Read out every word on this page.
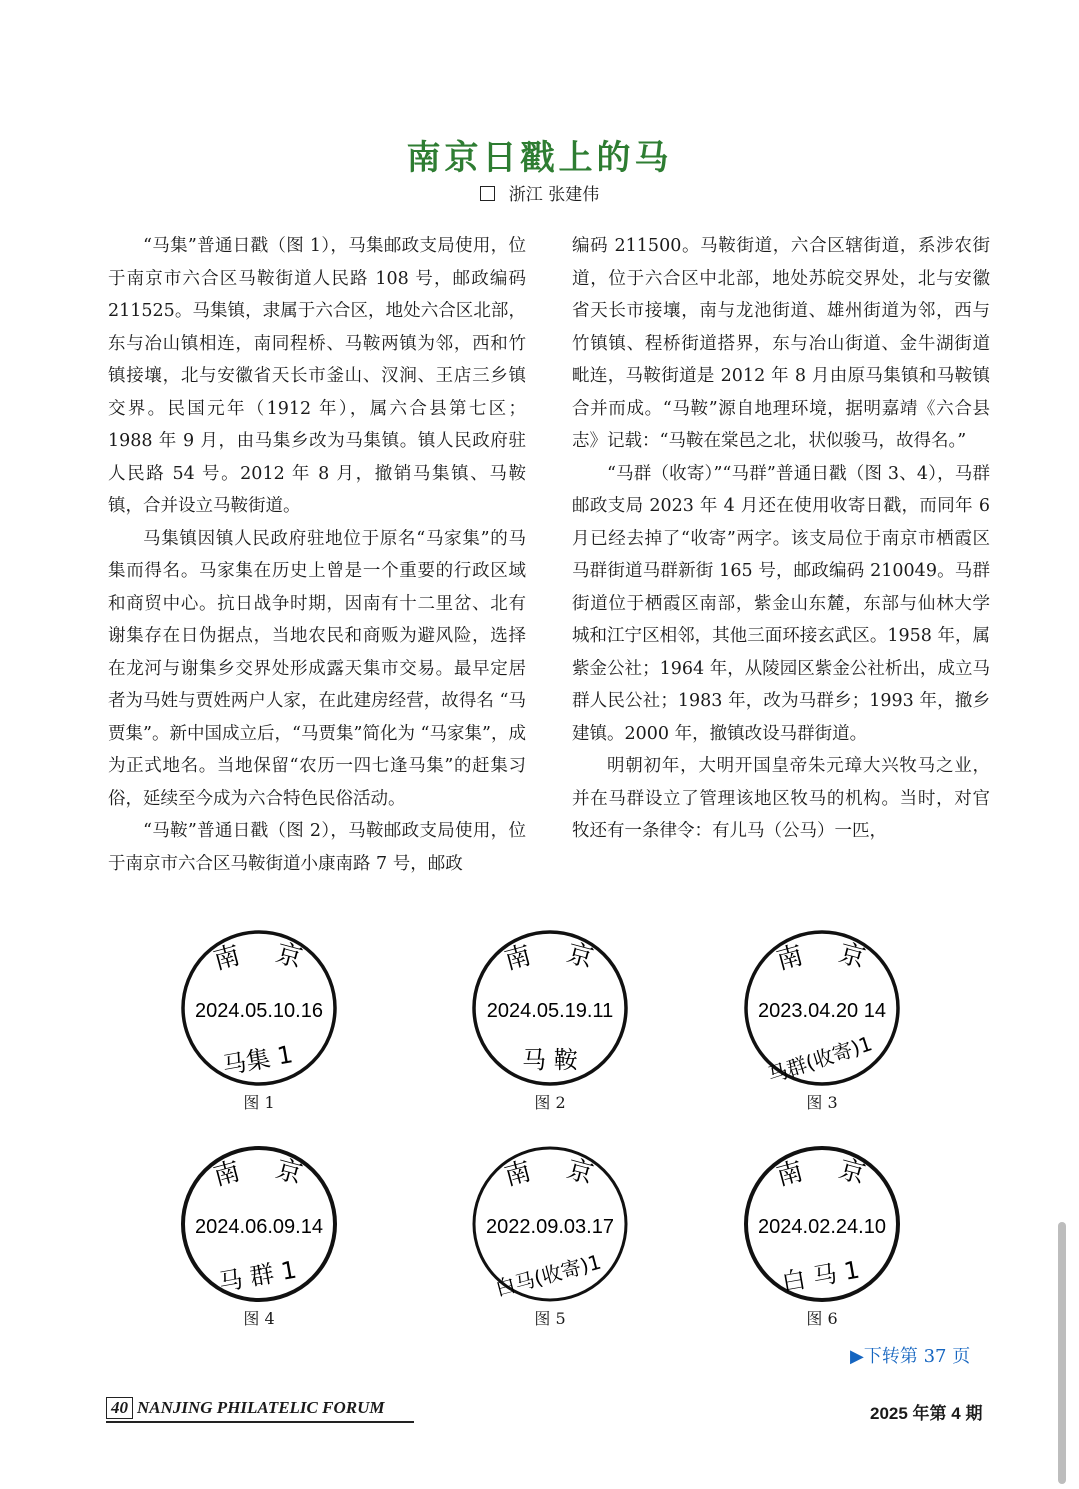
南京日戳上的马
浙江 张建伟

“马集”普通日戳（图 1），马集邮政支局使用，位于南京市六合区马鞍街道人民路 108 号，邮政编码 211525。马集镇，隶属于六合区，地处六合区北部，东与冶山镇相连，南同程桥、马鞍两镇为邻，西和竹镇接壤，北与安徽省天长市釜山、汊涧、王店三乡镇交界。民国元年（1912 年），属六合县第七区；1988 年 9 月，由马集乡改为马集镇。镇人民政府驻人民路 54 号。2012 年 8 月，撤销马集镇、马鞍镇，合并设立马鞍街道。

马集镇因镇人民政府驻地位于原名“马家集”的马集而得名。马家集在历史上曾是一个重要的行政区域和商贸中心。抗日战争时期，因南有十二里岔、北有谢集存在日伪据点，当地农民和商贩为避风险，选择在龙河与谢集乡交界处形成露天集市交易。最早定居者为马姓与贾姓两户人家，在此建房经营，故得名 “马贾集”。新中国成立后，“马贾集”简化为 “马家集”，成为正式地名。当地保留“农历一四七逢马集”的赶集习俗，延续至今成为六合特色民俗活动。

“马鞍”普通日戳（图 2），马鞍邮政支局使用，位于南京市六合区马鞍街道小康南路 7 号，邮政

编码 211500。马鞍街道，六合区辖街道，系涉农街道，位于六合区中北部，地处苏皖交界处，北与安徽省天长市接壤，南与龙池街道、雄州街道为邻，西与竹镇镇、程桥街道搭界，东与冶山街道、金牛湖街道毗连，马鞍街道是 2012 年 8 月由原马集镇和马鞍镇合并而成。“马鞍”源自地理环境，据明嘉靖《六合县志》记载：“马鞍在棠邑之北，状似骏马，故得名。”

“马群（收寄）”“马群”普通日戳（图 3、4），马群邮政支局 2023 年 4 月还在使用收寄日戳，而同年 6 月已经去掉了“收寄”两字。该支局位于南京市栖霞区马群街道马群新街 165 号，邮政编码 210049。马群街道位于栖霞区南部，紫金山东麓，东部与仙林大学城和江宁区相邻，其他三面环接玄武区。1958 年，属紫金公社；1964 年，从陵园区紫金公社析出，成立马群人民公社；1983 年，改为马群乡；1993 年，撤乡建镇。2000 年，撤镇改设马群街道。

明朝初年，大明开国皇帝朱元璋大兴牧马之业，并在马群设立了管理该地区牧马的机构。当时，对官牧还有一条律令：有儿马（公马）一匹，

南 京
2024.05.10.16
马集 1
图 1
南 京
2024.05.19.11
马 鞍
图 2
南 京
2023.04.20 14
马群(收寄)1
图 3
南 京
2024.06.09.14
马 群 1
图 4
南 京
2022.09.03.17
白马(收寄)1
图 5
南 京
2024.02.24.10
白 马 1
图 6
▶下转第 37 页
40 NANJING PHILATELIC FORUM	2025 年第 4 期
